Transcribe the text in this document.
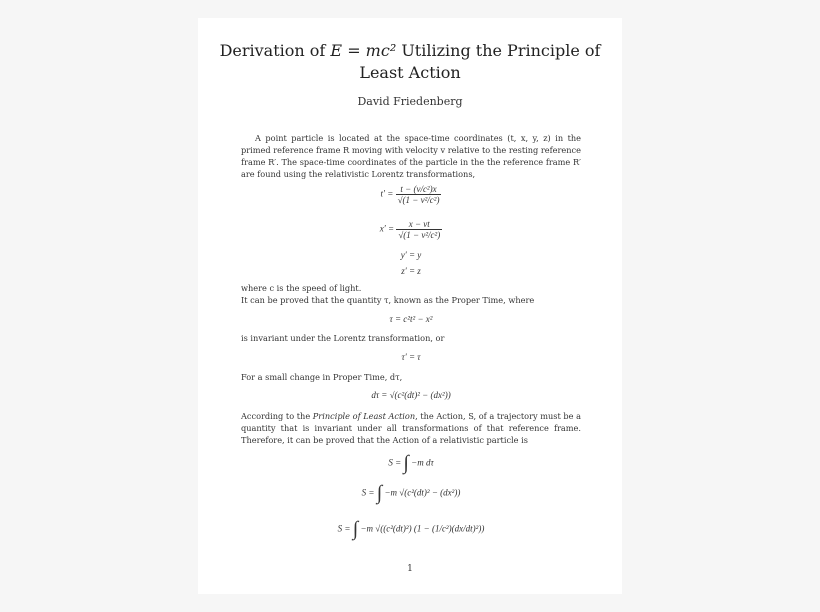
Derivation of E = mc² Utilizing the Principle of
Least Action
David Friedenberg
A point particle is located at the space-time coordinates (t, x, y, z) in the primed reference frame R moving with velocity v relative to the resting reference frame R′. The space-time coordinates of the particle in the the reference frame R′ are found using the relativistic Lorentz transformations,
$t' = \frac{\text{t − (v/c²)x}}{\text{√(1 − v²/c²)}}$
$x' = \frac{x - vt}{\text{√(1 − v²/c²)}}$
y′ = y
z′ = z
where c is the speed of light.
It can be proved that the quantity τ, known as the Proper Time, where
τ = c²t² − x²
is invariant under the Lorentz transformation, or
τ′ = τ
For a small change in Proper Time, dτ,
dτ = √(c²(dt)² − (dx²))
According to the Principle of Least Action, the Action, S, of a trajectory must be a quantity that is invariant under all transformations of that reference frame. Therefore, it can be proved that the Action of a relativistic particle is
S = ∫ −m dτ
S = ∫ −m √(c²(dt)² − (dx²))
S = ∫ −m √((c²(dt)²) (1 − (1/c²)(dx/dt)²))
1
